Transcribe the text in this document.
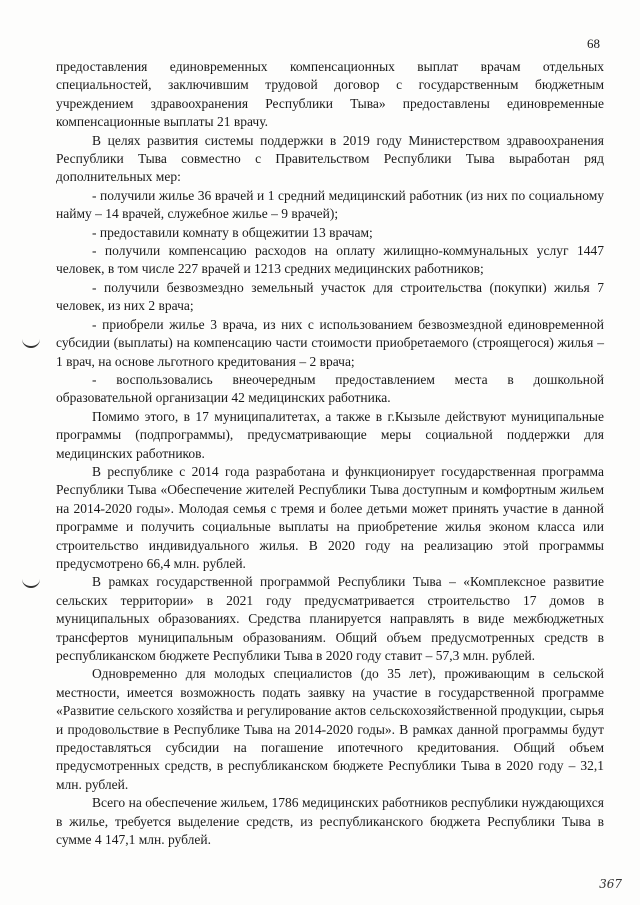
68

предоставления единовременных компенсационных выплат врачам отдельных специальностей, заключившим трудовой договор с государственным бюджетным учреждением здравоохранения Республики Тыва» предоставлены единовременные компенсационные выплаты 21 врачу.

В целях развития системы поддержки в 2019 году Министерством здравоохранения Республики Тыва совместно с Правительством Республики Тыва выработан ряд дополнительных мер:

- получили жилье 36 врачей и 1 средний медицинский работник (из них по социальному найму – 14 врачей, служебное жилье – 9 врачей);

- предоставили комнату в общежитии 13 врачам;

- получили компенсацию расходов на оплату жилищно-коммунальных услуг 1447 человек, в том числе 227 врачей и 1213 средних медицинских работников;

- получили безвозмездно земельный участок для строительства (покупки) жилья 7 человек, из них 2 врача;

- приобрели жилье 3 врача, из них с использованием безвозмездной единовременной субсидии (выплаты) на компенсацию части стоимости приобретаемого (строящегося) жилья – 1 врач, на основе льготного кредитования – 2 врача;

- воспользовались внеочередным предоставлением места в дошкольной образовательной организации 42 медицинских работника.

Помимо этого, в 17 муниципалитетах, а также в г.Кызыле действуют муниципальные программы (подпрограммы), предусматривающие меры социальной поддержки для медицинских работников.

В республике с 2014 года разработана и функционирует государственная программа Республики Тыва «Обеспечение жителей Республики Тыва доступным и комфортным жильем на 2014-2020 годы». Молодая семья с тремя и более детьми может принять участие в данной программе и получить социальные выплаты на приобретение жилья эконом класса или строительство индивидуального жилья. В 2020 году на реализацию этой программы предусмотрено 66,4 млн. рублей.

В рамках государственной программой Республики Тыва – «Комплексное развитие сельских территории» в 2021 году предусматривается строительство 17 домов в муниципальных образованиях. Средства планируется направлять в виде межбюджетных трансфертов муниципальным образованиям. Общий объем предусмотренных средств в республиканском бюджете Республики Тыва в 2020 году ставит – 57,3 млн. рублей.

Одновременно для молодых специалистов (до 35 лет), проживающим в сельской местности, имеется возможность подать заявку на участие в государственной программе «Развитие сельского хозяйства и регулирование актов сельскохозяйственной продукции, сырья и продовольствие в Республике Тыва на 2014-2020 годы». В рамках данной программы будут предоставляться субсидии на погашение ипотечного кредитования. Общий объем предусмотренных средств, в республиканском бюджете Республики Тыва в 2020 году – 32,1 млн. рублей.

Всего на обеспечение жильем, 1786 медицинских работников республики нуждающихся в жилье, требуется выделение средств, из республиканского бюджета Республики Тыва в сумме 4 147,1 млн. рублей.

367
